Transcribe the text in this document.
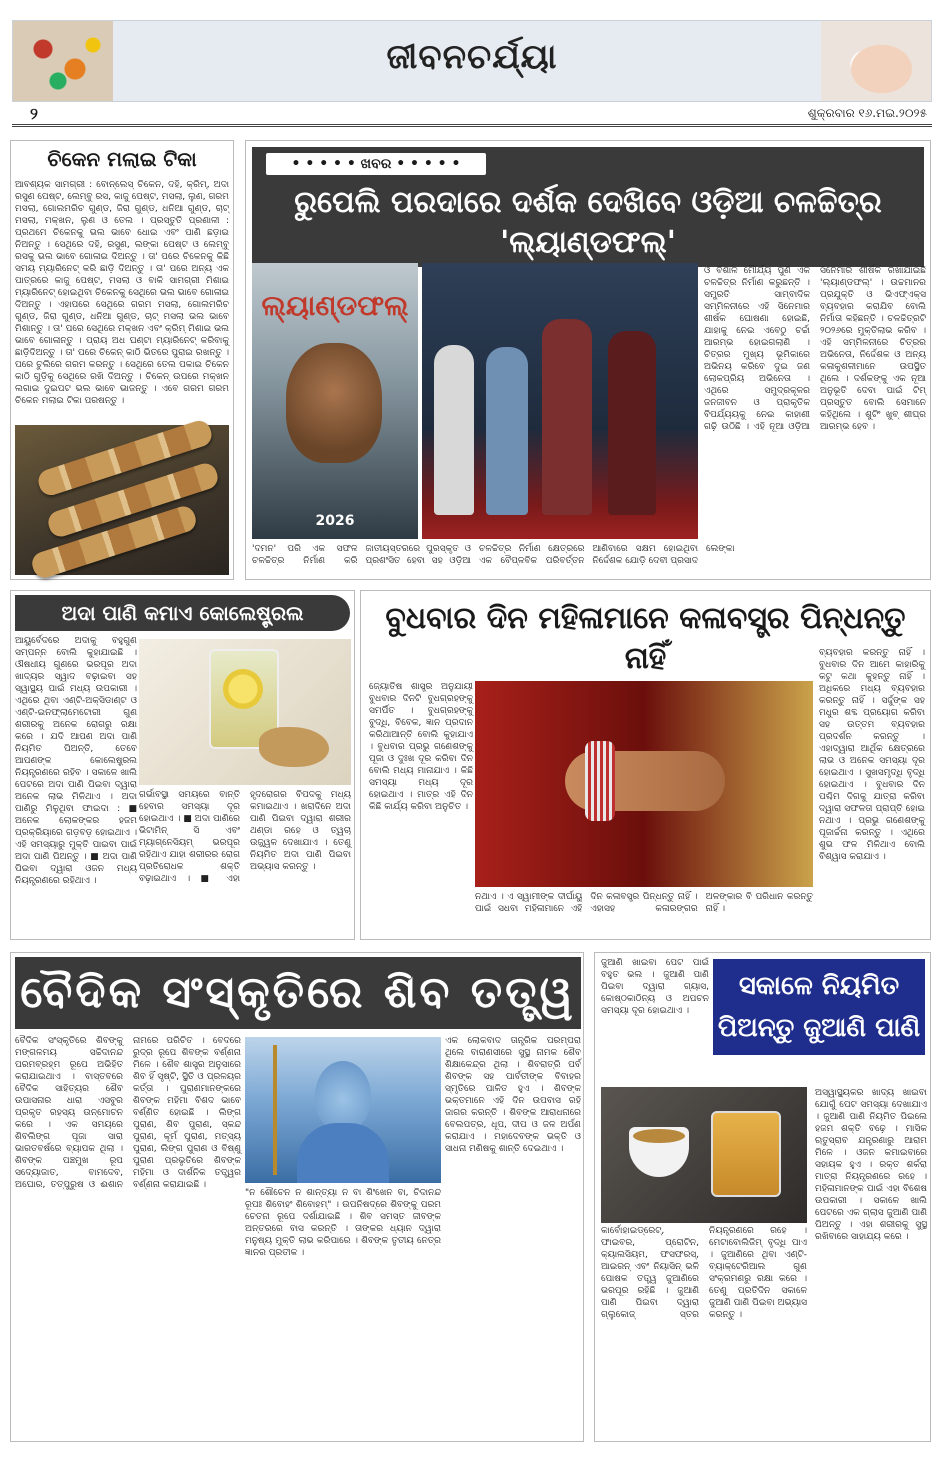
ଜୀବନଚର୍ଯ୍ୟା
୨	ଶୁକ୍ରବାର ୧୬.ମଇ.୨୦୨୫
ଚିକେନ ମଲାଇ ଟିକା
ଆବଶ୍ୟକ ସାମଗ୍ରୀ : ବୋନ୍‌ଲେସ୍ ଚିକେନ, ଦହି, କ୍ରିମ୍, ଅଦା ରସୁଣ ପେଷ୍ଟ, ଲେମ୍ବୁ ରସ, କାଜୁ ପେଷ୍ଟ, ମସଲା, ଲୁଣ, ଗରମ ମସଲା, ଗୋଲମରିଚ ଗୁଣ୍ଡ, ଜିରା ଗୁଣ୍ଡ, ଧନିଆ ଗୁଣ୍ଡ, ଚାଟ୍ ମସଲା, ମକ୍ଖନ, ଲୁଣ ଓ ତେଲ । ପ୍ରସ୍ତୁତି ପ୍ରଣାଳୀ : ପ୍ରଥମେ ଚିକେନକୁ ଭଲ ଭାବେ ଧୋଇ ଏବଂ ପାଣି ଛଡ଼ାଇ ନିଅନ୍ତୁ । ସେଥିରେ ଦହି, ରସୁଣ, ଲଙ୍କା ପେଷ୍ଟ ଓ ଲେମ୍ବୁ ରସକୁ ଭଲ ଭାବେ ଗୋଳାଇ ଦିଅନ୍ତୁ । ତା' ପରେ ଚିକେନକୁ କିଛି ସମୟ ମ୍ୟାରିନେଟ୍ କରି ଛାଡ଼ି ଦିଅନ୍ତୁ । ତା' ପରେ ଅନ୍ୟ ଏକ ପାତ୍ରରେ କାଜୁ ପେଷ୍ଟ, ମସଲା ଓ ବାକି ସାମଗ୍ରୀ ମିଶାଇ ମ୍ୟାରିନେଟ୍ ହୋଇଥିବା ଚିକେନକୁ ସେଥିରେ ଭଲ ଭାବେ ଗୋଳାଇ ଦିଅନ୍ତୁ । ଏହାପରେ ସେଥିରେ ଗରମ ମସଲା, ଗୋଲମରିଚ ଗୁଣ୍ଡ, ଜିରା ଗୁଣ୍ଡ, ଧନିଆ ଗୁଣ୍ଡ, ଚାଟ୍ ମସଲା ଭଲ ଭାବେ ମିଶାନ୍ତୁ । ତା' ପରେ ସେଥିରେ ମକ୍ଖନ ଏବଂ କ୍ରିମ୍ ମିଶାଇ ଭଲ ଭାବେ ଗୋଳାନ୍ତୁ । ପ୍ରାୟ ଅଧ ଘଣ୍ଟା ମ୍ୟାରିନେଟ୍ କରିବାକୁ ଛାଡ଼ିଦିଅନ୍ତୁ । ତା' ପରେ ଚିକେନ୍ କାଠି ଭିତରେ ପୁରାଇ ରଖନ୍ତୁ । ପରେ ଚୁଲିରେ ଗରମ କରନ୍ତୁ । ସେଥିରେ ତେଲ ପକାଇ ଚିକେନ କାଠି ଗୁଡ଼ିକୁ ସେଥିରେ ରଖି ଦିଅନ୍ତୁ । ଚିକେନ୍ ଉପରେ ମକ୍ଖନ ଲଗାଇ ଦୁଇପଟ ଭଲ ଭାବେ ଭାଜନ୍ତୁ । ଏବେ ଗରମ ଗରମ ଚିକେନ ମଲାଇ ଟିକା ପରଷନ୍ତୁ ।
• • • • • ଖବର • • • • •
ରୁପେଲି ପରଦାରେ ଦର୍ଶକ ଦେଖିବେ ଓଡ଼ିଆ ଚଳଚ୍ଚିତ୍ର 'ଲ୍ୟାଣ୍ଡଫଲ୍‌'
ଲ୍ୟାଣ୍ଡଫଲ୍
2026
ଓ ବିଶାଳ ମୌର୍ଯ୍ୟ ପୁଣି ଏକ ଚଳଚ୍ଚିତ୍ର ନିର୍ମାଣ କରୁଛନ୍ତି । ସମ୍ପ୍ରତି ସାମ୍ବାଦିକ ସମ୍ମିଳନୀରେ ଏହି ସିନେମାର ଶୀର୍ଷକ ଘୋଷଣା ହୋଇଛି, ଯାହାକୁ ନେଇ ଏବେଠୁ ଚର୍ଚ୍ଚା ଆରମ୍ଭ ହୋଇଗଲାଣି । ଚିତ୍ରର ମୁଖ୍ୟ ଭୂମିକାରେ ଅଭିନୟ କରିବେ ଦୁଇ ଜଣ ଲୋକପ୍ରିୟ ଅଭିନେତା । ଏଥିରେ ସମୁଦ୍ରକୂଳର ଜନଜୀବନ ଓ ପ୍ରାକୃତିକ ବିପର୍ଯ୍ୟୟକୁ ନେଇ କାହାଣୀ ଗଢ଼ି ଉଠିଛି । ଏହି ନୂଆ ଓଡ଼ିଆ ସିନେମାର ଶୀର୍ଷକ ରଖାଯାଇଛି 'ଲ୍ୟାଣ୍ଡଫଲ୍' । ଉଚ୍ଚମାନର ପ୍ରଯୁକ୍ତି ଓ ଭିଏଫ୍‌ଏକ୍ସ ବ୍ୟବହାର କରାଯିବ ବୋଲି ନିର୍ମାତା କହିଛନ୍ତି । ଚଳଚ୍ଚିତ୍ରଟି ୨୦୨୬ରେ ମୁକ୍ତିଲାଭ କରିବ । ଏହି ସମ୍ମିଳନୀରେ ଚିତ୍ରର ଅଭିନେତା, ନିର୍ଦ୍ଦେଶକ ଓ ଅନ୍ୟ କଳାକୁଶଳୀମାନେ ଉପସ୍ଥିତ ଥିଲେ । ଦର୍ଶକଙ୍କୁ ଏକ ନୂଆ ଅନୁଭୂତି ଦେବା ପାଇଁ ଟିମ୍ ପ୍ରସ୍ତୁତ ବୋଲି ସେମାନେ କହିଥିଲେ । ଶୁଟିଂ ଖୁବ୍ ଶୀଘ୍ର ଆରମ୍ଭ ହେବ ।
'ଦମନ' ପରି ଏକ ସଫଳ ଚଳଚ୍ଚିତ୍ର ନିର୍ମାଣ କରି ଜାତୀୟସ୍ତରରେ ପୁରସ୍କୃତ ଓ ପ୍ରଶଂସିତ ହେବା ସହ ଓଡ଼ିଆ ଚଳଚ୍ଚିତ୍ର ନିର୍ମାଣ କ୍ଷେତ୍ରରେ ଏକ ବୈପ୍ଳବିକ ପରିବର୍ତ୍ତନ ଆଣିବାରେ ସକ୍ଷମ ହୋଇଥିବା ନିର୍ଦ୍ଦେଶକ ଯୋଡ଼ି ଦେବୀ ପ୍ରସାଦ ଲେଙ୍କା
ଅଦା ପାଣି କମାଏ କୋଲେଷ୍ଟ୍ରଲ
ଆୟୁର୍ବେଦରେ ଅଦାକୁ ବହୁଗୁଣ ସମ୍ପନ୍ନ ବୋଲି କୁହାଯାଇଛି । ଔଷଧୀୟ ଗୁଣରେ ଭରପୂର ଅଦା ଖାଦ୍ୟର ସ୍ୱାଦ ବଢ଼ାଇବା ସହ ସ୍ୱାସ୍ଥ୍ୟ ପାଇଁ ମଧ୍ୟ ଉପକାରୀ । ଏଥିରେ ଥିବା ଏଣ୍ଟି-ଅକ୍ସିଡାଣ୍ଟ ଓ ଏଣ୍ଟି-ଇନଫ୍ଲାମେଟୋରୀ ଗୁଣ ଶରୀରକୁ ଅନେକ ରୋଗରୁ ରକ୍ଷା କରେ । ଯଦି ଆପଣ ଅଦା ପାଣି ନିୟମିତ ପିଅନ୍ତି, ତେବେ ଆପଣଙ୍କ କୋଲେଷ୍ଟ୍ରଲ ନିୟନ୍ତ୍ରଣରେ ରହିବ । ସକାଳେ ଖାଲି ପେଟରେ ଅଦା ପାଣି ପିଇବା ଦ୍ୱାରା ଅନେକ ଲାଭ ମିଳିଥାଏ । ଅଦା ପାଣିରୁ ମିଳୁଥିବା ଫାଇଦା : ■ ଅନେକ ଲୋକଙ୍କର ହଜମ ପ୍ରକ୍ରିୟାରେ ଗଡ଼ବଡ଼ ହୋଇଥାଏ । ଏହି ସମସ୍ୟାରୁ ମୁକ୍ତି ପାଇବା ପାଇଁ ଅଦା ପାଣି ପିଅନ୍ତୁ । ■ ଅଦା ପାଣି ପିଇବା ଦ୍ୱାରା ଓଜନ ମଧ୍ୟ ନିୟନ୍ତ୍ରଣରେ ରହିଥାଏ ।
ଗର୍ଭାବସ୍ଥା ସମୟରେ ବାନ୍ତି ହେବାର ସମସ୍ୟା ଦୂର ହୋଇଥାଏ । ■ ଅଦା ପାଣିରେ ଭିଟାମିନ୍ ସି ଏବଂ ମ୍ୟାଗ୍ନେସିୟମ୍ ଭରପୂର ରହିଥାଏ ଯାହା ଶରୀରର ରୋଗ ପ୍ରତିରୋଧକ ଶକ୍ତି ବଢ଼ାଇଥାଏ । ■ ଏହା ହୃଦରୋଗର ବିପଦକୁ ମଧ୍ୟ କମାଇଥାଏ । ଖରାଦିନେ ଅଦା ପାଣି ପିଇବା ଦ୍ୱାରା ଶରୀର ଥଣ୍ଡା ରହେ ଓ ତ୍ୱଚା ଉଜ୍ଜ୍ୱଳ ଦେଖାଯାଏ । ତେଣୁ ନିୟମିତ ଅଦା ପାଣି ପିଇବା ଅଭ୍ୟାସ କରନ୍ତୁ ।
ବୁଧବାର ଦିନ ମହିଳାମାନେ କଳାବସ୍ତ୍ର ପିନ୍ଧନ୍ତୁ ନାହିଁ
ଜ୍ୟୋତିଷ ଶାସ୍ତ୍ର ଅନୁଯାୟୀ ବୁଧବାର ଦିନଟି ବୁଧଗ୍ରହଙ୍କୁ ସମର୍ପିତ । ବୁଧଗ୍ରହଙ୍କୁ ବୁଦ୍ଧି, ବିବେକ, ଜ୍ଞାନ ପ୍ରଦାନ କରିଥାଆନ୍ତି ବୋଲି କୁହାଯାଏ । ବୁଧବାର ପ୍ରଭୁ ଗଣେଶଙ୍କୁ ପୂଜା ଓ ଦୁଃଖ ଦୂର କରିବା ଦିନ ବୋଲି ମଧ୍ୟ ମାନାଯାଏ । କିଛି ସମସ୍ୟା ମଧ୍ୟ ଦୂର ହୋଇଥାଏ । ମାତ୍ର ଏହି ଦିନ କିଛି କାର୍ଯ୍ୟ କରିବା ଅନୁଚିତ ।
ବ୍ୟବହାର କରନ୍ତୁ ନାହିଁ । ବୁଧବାର ଦିନ ଆମେ କାହାରିକୁ କଟୁ କଥା କୁହନ୍ତୁ ନାହିଁ । ଅଧିକରେ ମଧ୍ୟ ବ୍ୟବହାର କରନ୍ତୁ ନାହିଁ । ସର୍ଦ୍ଦୁଙ୍କ ସହ ମଧୁର ଶବ୍ଦ ପ୍ରୟୋଗ କରିବା ସହ ଉତ୍ତମ ବ୍ୟବହାର ପ୍ରଦର୍ଶନ କରନ୍ତୁ । ଏହାଦ୍ୱାରା ଆର୍ଥିକ କ୍ଷେତ୍ରରେ ଲାଭ ଓ ଅନେକ ସମସ୍ୟା ଦୂର ହୋଇଥାଏ । ସୁଖସମୃଦ୍ଧି ବୃଦ୍ଧି ହୋଇଥାଏ । ବୁଧବାର ଦିନ ପଶ୍ଚିମ ଦିଗକୁ ଯାତ୍ରା କରିବା ଦ୍ୱାରା ସଫଳତା ପ୍ରାପ୍ତି ହୋଇ ନଥାଏ । ପ୍ରଭୁ ଗଣେଶଙ୍କୁ ପୂଜାର୍ଚ୍ଚନା କରନ୍ତୁ । ଏଥିରେ ଶୁଭ ଫଳ ମିଳିଥାଏ ବୋଲି ବିଶ୍ୱାସ କରାଯାଏ ।
ନଥାଏ । ଏ ସ୍ୱାମୀଙ୍କ ଦୀର୍ଘାୟୁ ପାଇଁ ସଧବା ମହିଳାମାନେ ଏହି ଦିନ କଳାବସ୍ତ୍ର ପିନ୍ଧନ୍ତୁ ନାହିଁ । ଏହାସହ କଳାରଙ୍ଗର ଅଳଙ୍କାର ବି ପରିଧାନ କରନ୍ତୁ ନାହିଁ ।
ବୈଦିକ ସଂସ୍କୃତିରେ ଶିବ ତତ୍ତ୍ୱ
ବୈଦିକ ସଂସ୍କୃତିରେ ଶିବଙ୍କୁ ମଙ୍ଗଳମୟ ସଚ୍ଚିଦାନନ୍ଦ ପରମବ୍ରହ୍ମ ରୂପେ ଅଭିହିତ କରାଯାଇଥାଏ । ବାସ୍ତବରେ ବୈଦିକ ସାହିତ୍ୟର ଶୈବ ଉପାସନାର ଧାରା ଏସବୁର ପ୍ରକୃତ ରହସ୍ୟ ଉନ୍ମୋଚନ କରେ । ଏକ ସମୟରେ ଶିବଲିଙ୍ଗ ପୂଜା ସାରା ଭାରତବର୍ଷରେ ବ୍ୟାପକ ଥିଲା । ଶିବଙ୍କ ପଞ୍ଚମୁଖ ରୂପ ସଦ୍ୟୋଜାତ, ବାମଦେବ, ଅଘୋର, ତତ୍ପୁରୁଷ ଓ ଈଶାନ ନାମରେ ପରିଚିତ । ବେଦରେ ରୁଦ୍ର ରୂପେ ଶିବଙ୍କ ବର୍ଣ୍ଣନା ମିଳେ । ଶୈବ ଶାସ୍ତ୍ର ଅନୁସାରେ ଶିବ ହିଁ ସୃଷ୍ଟି, ସ୍ଥିତି ଓ ପ୍ରଳୟର କର୍ତ୍ତା । ପୁରାଣମାନଙ୍କରେ ଶିବଙ୍କ ମହିମା ବିଶଦ ଭାବେ ବର୍ଣ୍ଣିତ ହୋଇଛି । ଲିଙ୍ଗ ପୁରାଣ, ଶିବ ପୁରାଣ, ସ୍କନ୍ଦ ପୁରାଣ, କୂର୍ମ ପୁରାଣ, ମତ୍ସ୍ୟ ପୁରାଣ, ଲିଙ୍ଗ ପୁରାଣ ଓ ବିଷ୍ଣୁ ପୁରାଣ ପ୍ରଭୃତିରେ ଶିବଙ୍କ ମହିମା ଓ ଦାର୍ଶନିକ ତତ୍ତ୍ୱର ବର୍ଣ୍ଣନା କରାଯାଇଛି ।
"ନ ଶୌଚେନ ନ ଶାନ୍ତ୍ୟା ନ ବା ଶିଂଖେନ ବା, ଚିଦାନନ୍ଦ ରୂପଃ ଶିବୋହଂ ଶିବୋହମ୍" । ଉପନିଷଦ୍‌ରେ ଶିବଙ୍କୁ ପରମ ଚେତନା ରୂପେ ଦର୍ଶାଯାଇଛି । ଶିବ ସମସ୍ତ ଜୀବଙ୍କ ଅନ୍ତରରେ ବାସ କରନ୍ତି । ତାଙ୍କର ଧ୍ୟାନ ଦ୍ୱାରା ମନୁଷ୍ୟ ମୁକ୍ତି ଲାଭ କରିପାରେ । ଶିବଙ୍କ ତୃତୀୟ ନେତ୍ର ଜ୍ଞାନର ପ୍ରତୀକ ।
ଏକ ଲୋକବାଦ ତାନ୍ତ୍ରିକ ପରମ୍ପରା ଥିଲେ ବାରାଣସୀରେ ସୁସ୍ଥ ନାମକ ଶୈବ ଶିକ୍ଷାକେନ୍ଦ୍ର ଥିଲା । ଶିବରାତ୍ରି ପର୍ବ ଶିବଙ୍କ ସହ ପାର୍ବତୀଙ୍କ ବିବାହର ସ୍ମୃତିରେ ପାଳିତ ହୁଏ । ଶିବଙ୍କ ଭକ୍ତମାନେ ଏହି ଦିନ ଉପବାସ ରହି ଜାଗର କରନ୍ତି । ଶିବଙ୍କ ଆରାଧନାରେ ବେଲପତ୍ର, ଧୂପ, ଦୀପ ଓ ଜଳ ଅର୍ପଣ କରାଯାଏ । ମହାଦେବଙ୍କ ଭକ୍ତି ଓ ସାଧନା ମଣିଷକୁ ଶାନ୍ତି ଦେଇଥାଏ ।
ଜୁଆଣି ଖାଇବା ପେଟ ପାଇଁ ବହୁତ ଭଲ । ଜୁଆଣି ପାଣି ପିଇବା ଦ୍ୱାରା ଗ୍ୟାସ, କୋଷ୍ଠକାଠିନ୍ୟ ଓ ଅପଚନ ସମସ୍ୟା ଦୂର ହୋଇଥାଏ ।
ସକାଳେ ନିୟମିତ ପିଅନ୍ତୁ ଜୁଆଣି ପାଣି
ଅସ୍ୱାସ୍ଥ୍ୟକର ଖାଦ୍ୟ ଖାଇବା ଯୋଗୁଁ ପେଟ ସମସ୍ୟା ଦେଖାଯାଏ । ଜୁଆଣି ପାଣି ନିୟମିତ ପିଇଲେ ହଜମ ଶକ୍ତି ବଢ଼େ । ମାସିକ ଋତୁସ୍ରାବ ଯନ୍ତ୍ରଣାରୁ ଆରାମ ମିଳେ । ଓଜନ କମାଇବାରେ ସହାୟକ ହୁଏ । ରକ୍ତ ଶର୍କରା ମାତ୍ରା ନିୟନ୍ତ୍ରଣରେ ରହେ । ମହିଳାମାନଙ୍କ ପାଇଁ ଏହା ବିଶେଷ ଉପକାରୀ । ସକାଳେ ଖାଲି ପେଟରେ ଏକ ଗ୍ଲାସ ଜୁଆଣି ପାଣି ପିଅନ୍ତୁ । ଏହା ଶରୀରକୁ ସୁସ୍ଥ ରଖିବାରେ ସାହାଯ୍ୟ କରେ ।
କାର୍ବୋହାଇଡ୍ରେଟ୍, ଫାଇବର, ପ୍ରୋଟିନ, କ୍ୟାଲସିୟମ, ଫସଫରସ୍, ଆଇରନ୍ ଏବଂ ନିୟାସିନ୍ ଭଳି ପୋଷକ ତତ୍ତ୍ୱ ଜୁଆଣିରେ ଭରପୂର ରହିଛି । ଜୁଆଣି ପାଣି ପିଇବା ଦ୍ୱାରା ଗ୍ଲୁକୋଜ୍ ସ୍ତର ନିୟନ୍ତ୍ରଣରେ ରହେ । ମେଟାବୋଲିଜିମ୍ ବୃଦ୍ଧି ପାଏ । ଜୁଆଣିରେ ଥିବା ଏଣ୍ଟି-ବ୍ୟାକ୍ଟେରିଆଲ ଗୁଣ ସଂକ୍ରମଣରୁ ରକ୍ଷା କରେ । ତେଣୁ ପ୍ରତିଦିନ ସକାଳେ ଜୁଆଣି ପାଣି ପିଇବା ଅଭ୍ୟାସ କରନ୍ତୁ ।
